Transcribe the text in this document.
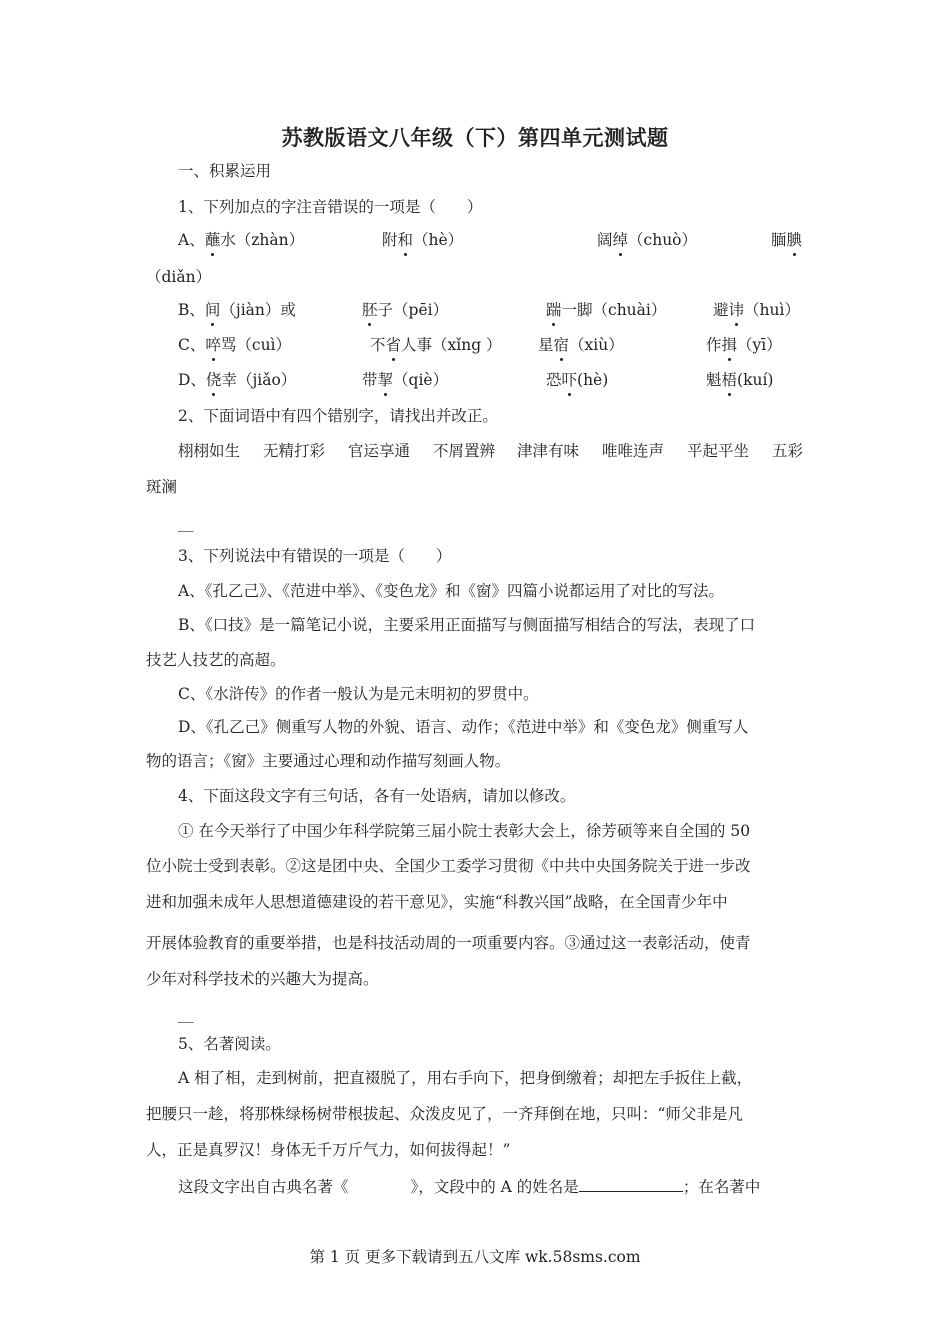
苏教版语文八年级（下）第四单元测试题
一、积累运用
1、下列加点的字注音错误的一项是（　　）
A、蘸水（zhàn）	附和（hè）	阔绰（chuò）	腼腆
（diǎn）
B、间（jiàn）或	胚子（pēi）	踹一脚（chuài）	避讳（huì）
C、啐骂（cuì）	不省人事（xǐng ） 星宿（xiù）	作揖（yī）
D、侥幸（jiǎo）	带挈（qiè）	恐吓(hè)	魁梧(kuí)
2、下面词语中有四个错别字，请找出并改正。
栩栩如生 无精打彩 官运享通 不屑置辨 津津有味 唯唯连声 平起平坐 五彩
斑澜
__
3、下列说法中有错误的一项是（　　）
A、《孔乙己》、《范进中举》、《变色龙》和《窗》四篇小说都运用了对比的写法。
B、《口技》是一篇笔记小说，主要采用正面描写与侧面描写相结合的写法，表现了口
技艺人技艺的高超。
C、《水浒传》的作者一般认为是元末明初的罗贯中。
D、《孔乙己》侧重写人物的外貌、语言、动作；《范进中举》和《变色龙》侧重写人
物的语言；《窗》主要通过心理和动作描写刻画人物。
4、下面这段文字有三句话，各有一处语病，请加以修改。
① 在今天举行了中国少年科学院第三届小院士表彰大会上，徐芳硕等来自全国的 50
位小院士受到表彰。②这是团中央、全国少工委学习贯彻《中共中央国务院关于进一步改
进和加强未成年人思想道德建设的若干意见》，实施“科教兴国”战略，在全国青少年中
开展体验教育的重要举措，也是科技活动周的一项重要内容。③通过这一表彰活动，使青
少年对科学技术的兴趣大为提高。
__
5、名著阅读。
A 相了相，走到树前，把直裰脱了，用右手向下，把身倒缴着；却把左手扳住上截，
把腰只一趁，将那株绿杨树带根拔起、众泼皮见了，一齐拜倒在地，只叫：“师父非是凡
人，正是真罗汉！身体无千万斤气力，如何拔得起！”
这段文字出自古典名著《　　　　》，文段中的 A 的姓名是	；在名著中
第 1 页 更多下载请到五八文库 wk.58sms.com
